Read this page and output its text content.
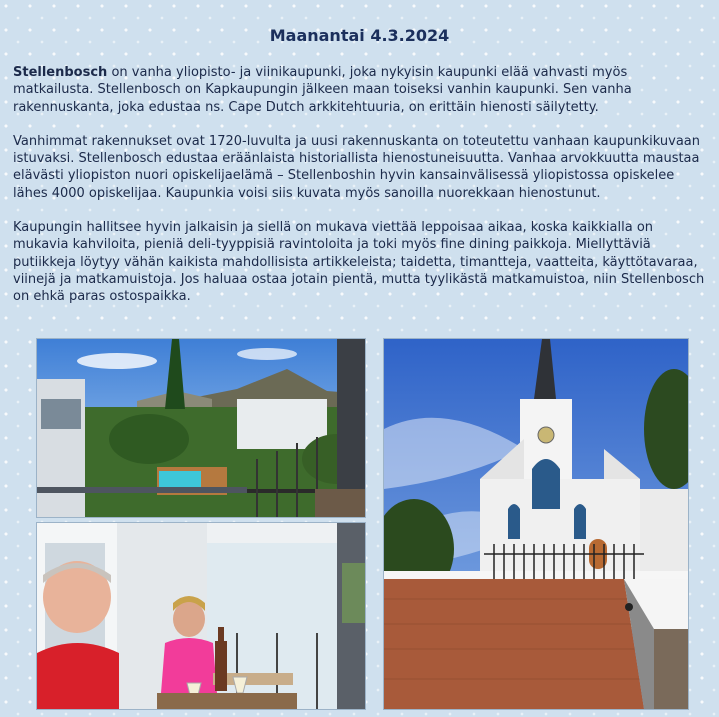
Maanantai 4.3.2024

Stellenbosch on vanha yliopisto- ja viinikaupunki, joka nykyisin kaupunki elää vahvasti myös matkailusta. Stellenbosch on Kapkaupungin jälkeen maan toiseksi vanhin kaupunki. Sen vanha rakennuskanta, joka edustaa ns. Cape Dutch arkkitehtuuria, on erittäin hienosti säilytetty.

Vanhimmat rakennukset ovat 1720-luvulta ja uusi rakennuskanta on toteutettu vanhaan kaupunkikuvaan istuvaksi. Stellenbosch edustaa eräänlaista historiallista hienostuneisuutta. Vanhaa arvokkuutta maustaa elävästi yliopiston nuori opiskelijaelämä – Stellenboshin hyvin kansainvälisessä yliopistossa opiskelee lähes 4000 opiskelijaa. Kaupunkia voisi siis kuvata myös sanoilla nuorekkaan hienostunut.

Kaupungin hallitsee hyvin jalkaisin ja siellä on mukava viettää leppoisaa aikaa, koska kaikkialla on mukavia kahviloita, pieniä deli-tyyppisiä ravintoloita ja toki myös fine dining paikkoja. Miellyttäviä putiikkeja löytyy vähän kaikista mahdollisista artikkeleista; taidetta, timantteja, vaatteita, käyttötavaraa, viinejä ja matkamuistoja. Jos haluaa ostaa jotain pientä, mutta tyylikästä matkamuistoa, niin Stellenbosch on ehkä paras ostospaikka.
